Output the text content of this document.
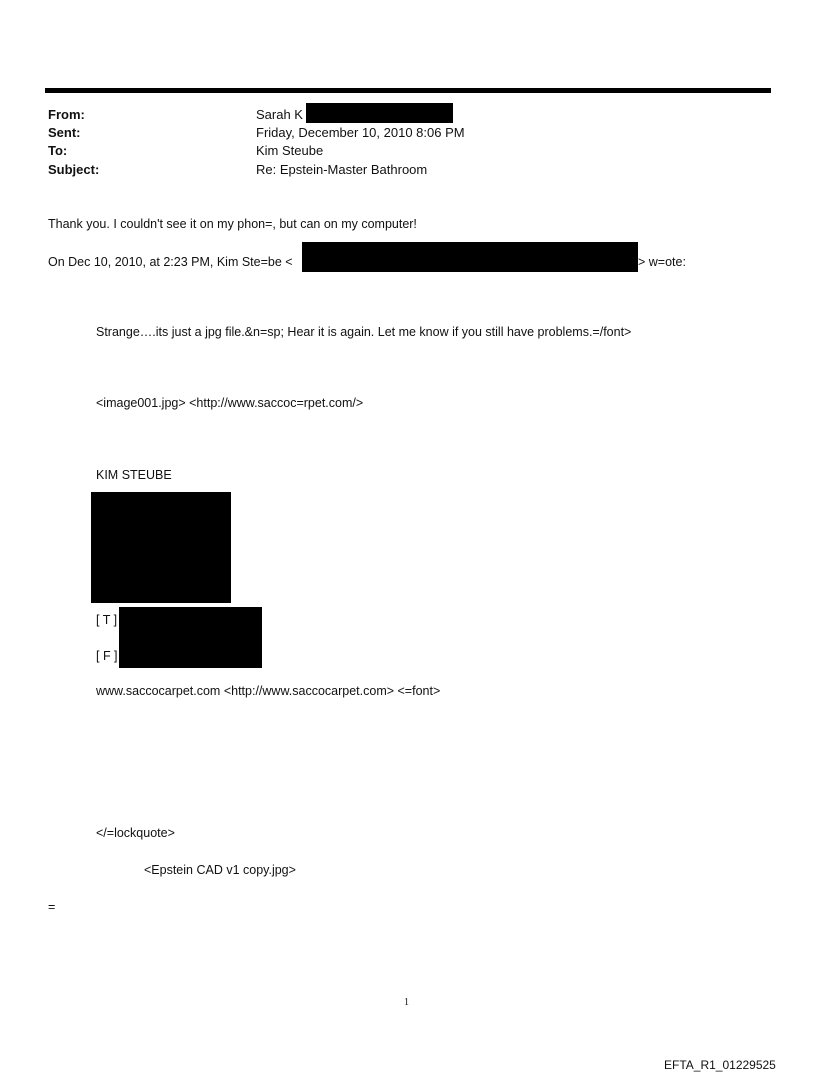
From:	Sarah K
Sent:	Friday, December 10, 2010 8:06 PM
To:	Kim Steube
Subject:	Re: Epstein-Master Bathroom
Thank you. I couldn't see it on my phon=, but can on my computer!
On Dec 10, 2010, at 2:23 PM, Kim Ste=be <	> w=ote:
Strange….its just a jpg file.&n=sp; Hear it is again. Let me know if you still have problems.=/font>
<image001.jpg> <http://www.saccoc=rpet.com/>
KIM STEUBE
[ T ]
[ F ]
www.saccocarpet.com <http://www.saccocarpet.com> <=font>
</=lockquote>
<Epstein CAD v1 copy.jpg>
=
1
EFTA_R1_01229525
